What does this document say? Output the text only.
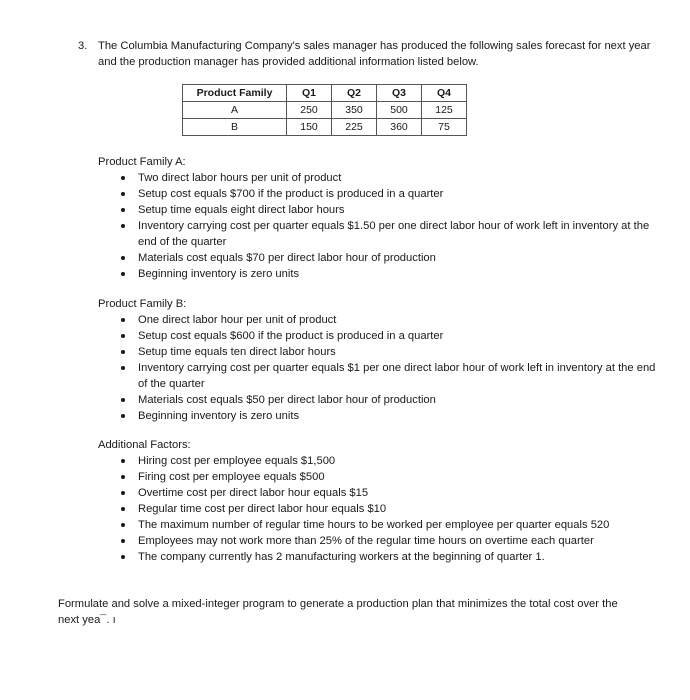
3. The Columbia Manufacturing Company's sales manager has produced the following sales forecast for next year and the production manager has provided additional information listed below.
Product Family	Q1	Q2	Q3	Q4
A	250	350	500	125
B	150	225	360	75
Product Family A:
Two direct labor hours per unit of product
Setup cost equals $700 if the product is produced in a quarter
Setup time equals eight direct labor hours
Inventory carrying cost per quarter equals $1.50 per one direct labor hour of work left in inventory at the end of the quarter
Materials cost equals $70 per direct labor hour of production
Beginning inventory is zero units
Product Family B:
One direct labor hour per unit of product
Setup cost equals $600 if the product is produced in a quarter
Setup time equals ten direct labor hours
Inventory carrying cost per quarter equals $1 per one direct labor hour of work left in inventory at the end of the quarter
Materials cost equals $50 per direct labor hour of production
Beginning inventory is zero units
Additional Factors:
Hiring cost per employee equals $1,500
Firing cost per employee equals $500
Overtime cost per direct labor hour equals $15
Regular time cost per direct labor hour equals $10
The maximum number of regular time hours to be worked per employee per quarter equals 520
Employees may not work more than 25% of the regular time hours on overtime each quarter
The company currently has 2 manufacturing workers at the beginning of quarter 1.
Formulate and solve a mixed-integer program to generate a production plan that minimizes the total cost over the next yea¯. ı
